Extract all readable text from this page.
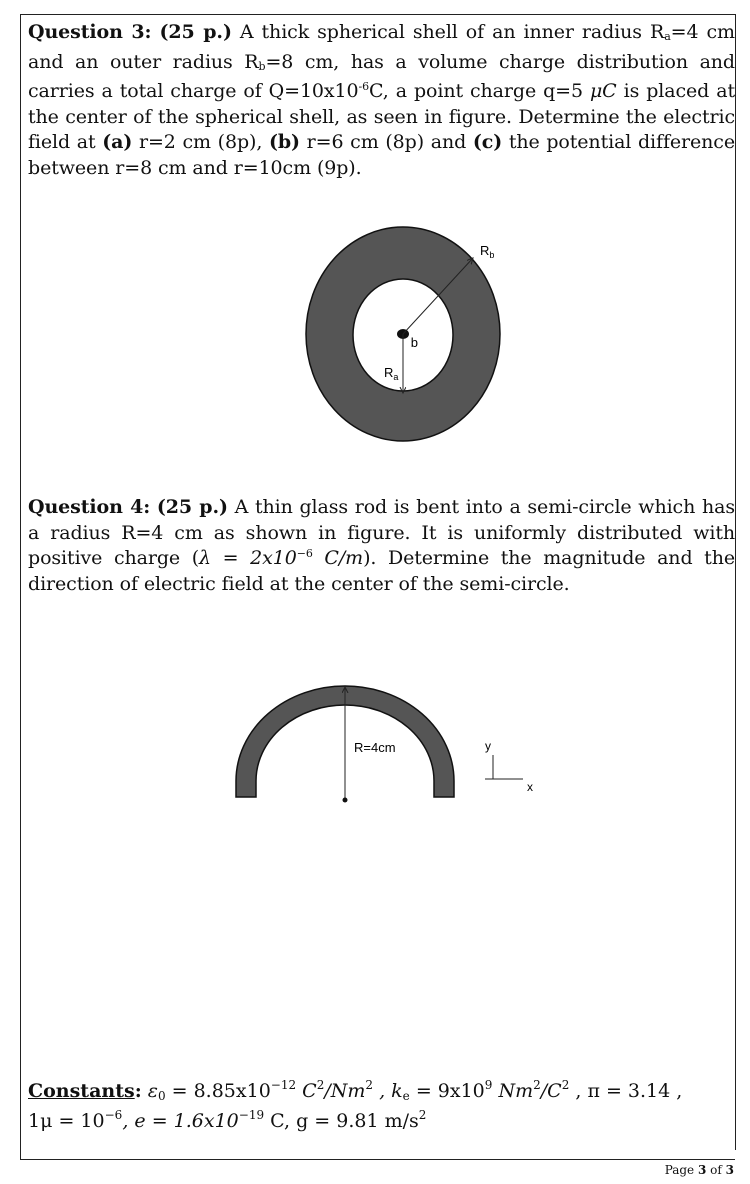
Question 3: (25 p.) A thick spherical shell of an inner radius $R_a=4$ cm and an outer radius $R_b=8$ cm, has a volume charge distribution and carries a total charge of $Q=10x10^{-6}C$, a point charge q=5 μC is placed at the center of the spherical shell, as seen in figure. Determine the electric field at (a) r=2 cm (8p), (b) r=6 cm (8p) and (c) the potential difference between r=8 cm and r=10cm (9p).
$R_b$
$R_a$
q
Question 4: (25 p.) A thin glass rod is bent into a semi-circle which has a radius R=4 cm as shown in figure. It is uniformly distributed with positive charge ($\lambda = 2x10^{-6}$ C/m). Determine the magnitude and the direction of electric field at the center of the semi-circle.
R=4cm	y
x
Constants: $\varepsilon_0 = 8.85x10^{-12}$ $C^2/Nm^2$ , $k_e = 9x10^9$ $Nm^2/C^2$ , π = 3.14 ,
$1\mu = 10^{-6}$, $e = 1.6x10^{-19}$ C, g = 9.81 $m/s^2$
Page 3 of 3
